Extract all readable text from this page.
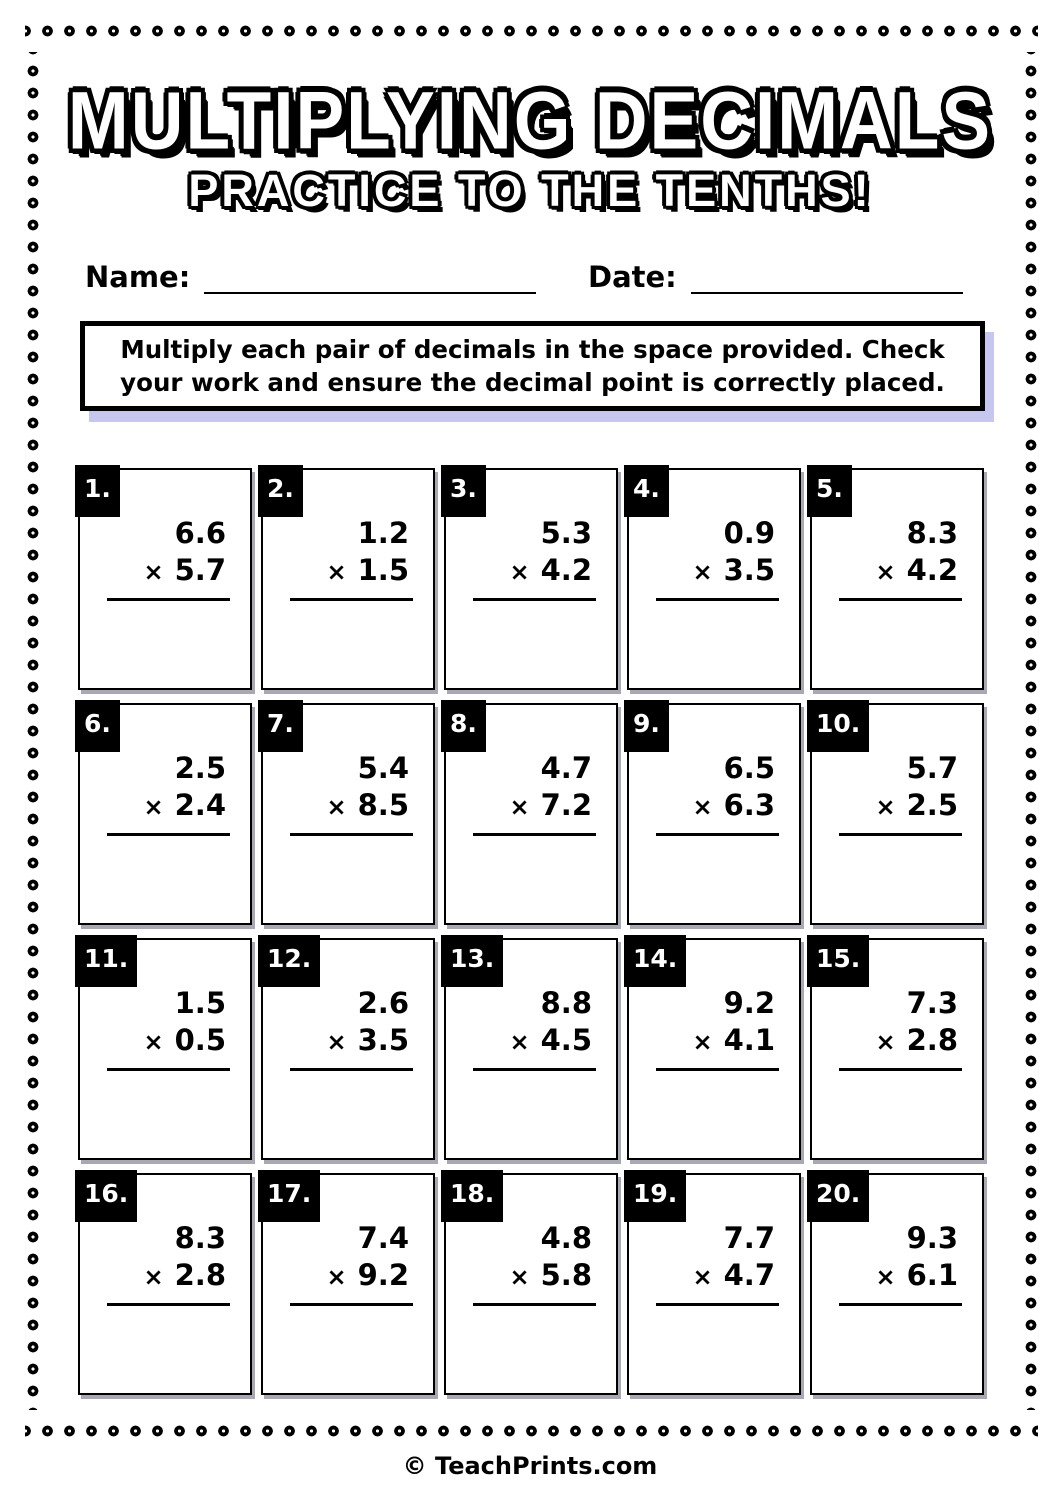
MULTIPLYING DECIMALS
PRACTICE TO THE TENTHS!
Name:	Date:
Multiply each pair of decimals in the space provided. Check your work and ensure the decimal point is correctly placed.
1.
6.6
× 5.7
2.
1.2
× 1.5
3.
5.3
× 4.2
4.
0.9
× 3.5
5.
8.3
× 4.2
6.
2.5
× 2.4
7.
5.4
× 8.5
8.
4.7
× 7.2
9.
6.5
× 6.3
10.
5.7
× 2.5
11.
1.5
× 0.5
12.
2.6
× 3.5
13.
8.8
× 4.5
14.
9.2
× 4.1
15.
7.3
× 2.8
16.
8.3
× 2.8
17.
7.4
× 9.2
18.
4.8
× 5.8
19.
7.7
× 4.7
20.
9.3
× 6.1
© TeachPrints.com
